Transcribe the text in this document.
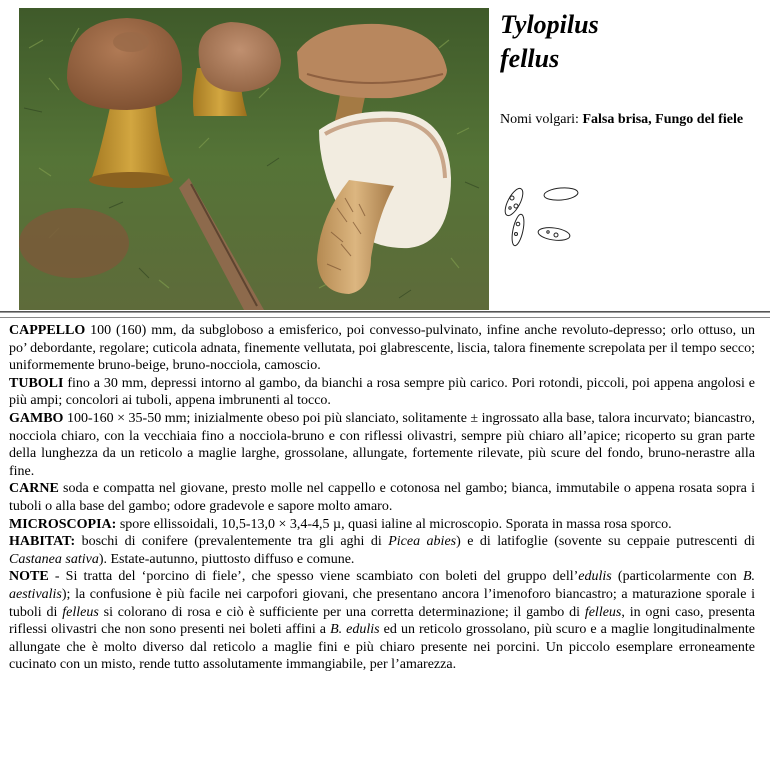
Tylopilus
fellus
Nomi volgari: Falsa brisa, Fungo del fiele

CAPPELLO 100 (160) mm, da subgloboso a emisferico, poi convesso-pulvinato, infine anche revoluto-depresso; orlo ottuso, un po’ debordante, regolare; cuticola adnata, finemente vellutata, poi glabrescente, liscia, talora finemente screpolata per il tempo secco; uniformemente bruno-beige, bruno-nocciola, camoscio.

TUBOLI fino a 30 mm, depressi intorno al gambo, da bianchi a rosa sempre più carico. Pori rotondi, piccoli, poi appena angolosi e più ampi; concolori ai tuboli, appena imbrunenti al tocco.

GAMBO 100-160 × 35-50 mm; inizialmente obeso poi più slanciato, solitamente ± ingrossato alla base, talora incurvato; biancastro, nocciola chiaro, con la vecchiaia fino a nocciola-bruno e con riflessi olivastri, sempre più chiaro all’apice; ricoperto su gran parte della lunghezza da un reticolo a maglie larghe, grossolane, allungate, fortemente rilevate, più scure del fondo, bruno-nerastre alla fine.

CARNE soda e compatta nel giovane, presto molle nel cappello e cotonosa nel gambo; bianca, immutabile o appena rosata sopra i tuboli o alla base del gambo; odore gradevole e sapore molto amaro.

MICROSCOPIA: spore ellissoidali, 10,5-13,0 × 3,4-4,5 µ, quasi ialine al microscopio. Sporata in massa rosa sporco.

HABITAT: boschi di conifere (prevalentemente tra gli aghi di Picea abies) e di latifoglie (sovente su ceppaie putrescenti di Castanea sativa). Estate-autunno, piuttosto diffuso e comune.

NOTE - Si tratta del ‘porcino di fiele’, che spesso viene scambiato con boleti del gruppo dell’edulis (particolarmente con B. aestivalis); la confusione è più facile nei carpofori giovani, che presentano ancora l’imenoforo biancastro; a maturazione sporale i tuboli di felleus si colorano di rosa e ciò è sufficiente per una corretta determinazione; il gambo di felleus, in ogni caso, presenta riflessi olivastri che non sono presenti nei boleti affini a B. edulis ed un reticolo grossolano, più scuro e a maglie longitudinalmente allungate che è molto diverso dal reticolo a maglie fini e più chiaro presente nei porcini. Un piccolo esemplare erroneamente cucinato con un misto, rende tutto assolutamente immangiabile, per l’amarezza.
